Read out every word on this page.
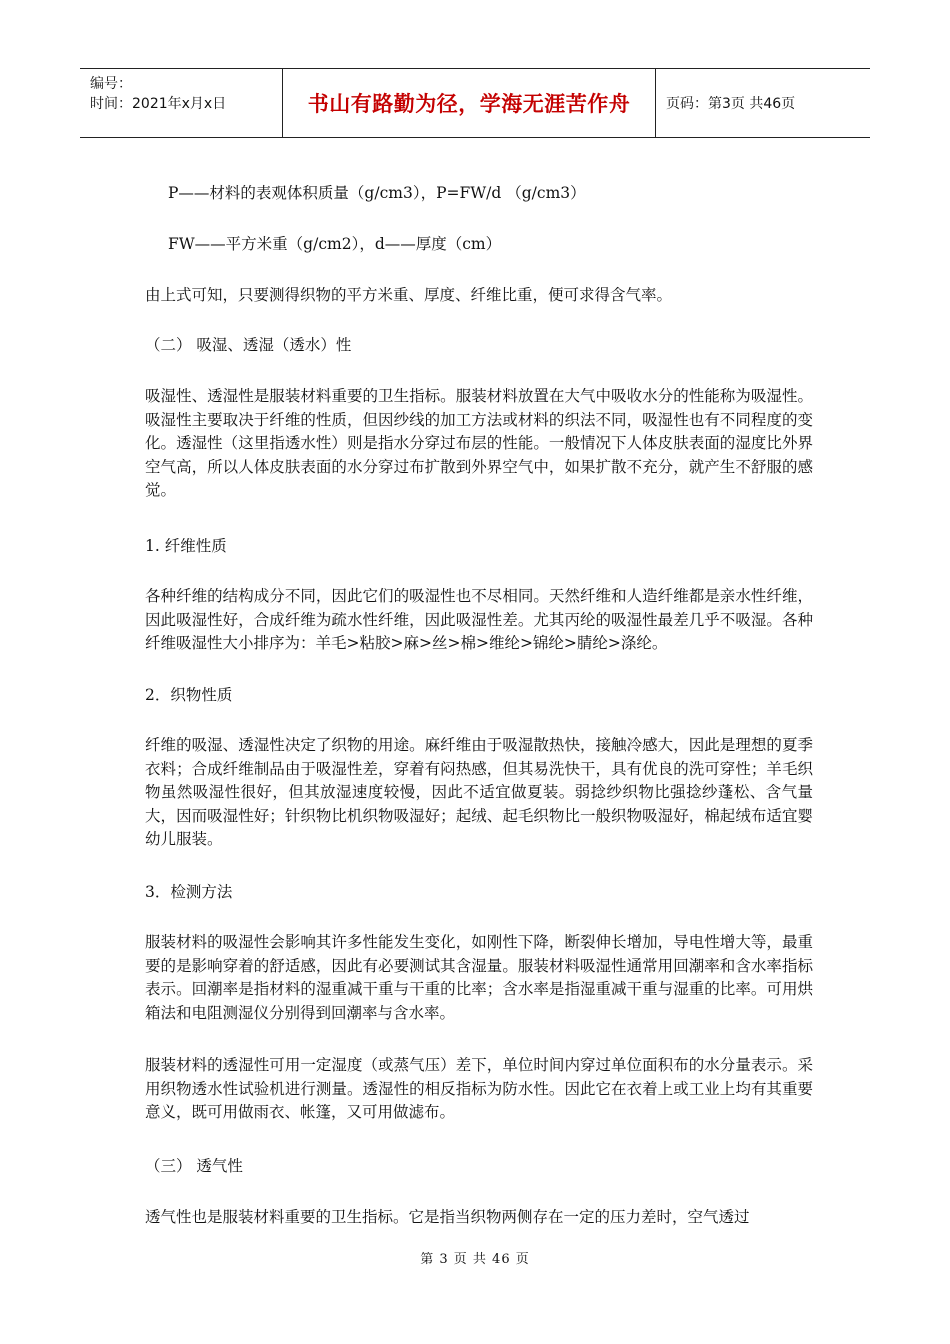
编号：
时间：2021年x月x日	书山有路勤为径，学海无涯苦作舟	页码：第3页 共46页

P——材料的表观体积质量（g/cm3），P=FW/d （g/cm3）

FW——平方米重（g/cm2），d——厚度（cm）

由上式可知，只要测得织物的平方米重、厚度、纤维比重，便可求得含气率。

（二） 吸湿、透湿（透水）性

吸湿性、透湿性是服装材料重要的卫生指标。服装材料放置在大气中吸收水分的性能称为吸湿性。吸湿性主要取决于纤维的性质，但因纱线的加工方法或材料的织法不同，吸湿性也有不同程度的变化。透湿性（这里指透水性）则是指水分穿过布层的性能。一般情况下人体皮肤表面的湿度比外界空气高，所以人体皮肤表面的水分穿过布扩散到外界空气中，如果扩散不充分，就产生不舒服的感觉。

1. 纤维性质

各种纤维的结构成分不同，因此它们的吸湿性也不尽相同。天然纤维和人造纤维都是亲水性纤维，因此吸湿性好，合成纤维为疏水性纤维，因此吸湿性差。尤其丙纶的吸湿性最差几乎不吸湿。各种纤维吸湿性大小排序为：羊毛>粘胶>麻>丝>棉>维纶>锦纶>腈纶>涤纶。

2．织物性质

纤维的吸湿、透湿性决定了织物的用途。麻纤维由于吸湿散热快，接触冷感大，因此是理想的夏季衣料；合成纤维制品由于吸湿性差，穿着有闷热感，但其易洗快干，具有优良的洗可穿性；羊毛织物虽然吸湿性很好，但其放湿速度较慢，因此不适宜做夏装。弱捻纱织物比强捻纱蓬松、含气量大，因而吸湿性好；针织物比机织物吸湿好；起绒、起毛织物比一般织物吸湿好，棉起绒布适宜婴幼儿服装。

3．检测方法

服装材料的吸湿性会影响其许多性能发生变化，如刚性下降，断裂伸长增加，导电性增大等，最重要的是影响穿着的舒适感，因此有必要测试其含湿量。服装材料吸湿性通常用回潮率和含水率指标表示。回潮率是指材料的湿重减干重与干重的比率；含水率是指湿重减干重与湿重的比率。可用烘箱法和电阻测湿仪分别得到回潮率与含水率。

服装材料的透湿性可用一定湿度（或蒸气压）差下，单位时间内穿过单位面积布的水分量表示。采用织物透水性试验机进行测量。透湿性的相反指标为防水性。因此它在衣着上或工业上均有其重要意义，既可用做雨衣、帐篷，又可用做滤布。

（三） 透气性

透气性也是服装材料重要的卫生指标。它是指当织物两侧存在一定的压力差时，空气透过

第 3 页 共 46 页
